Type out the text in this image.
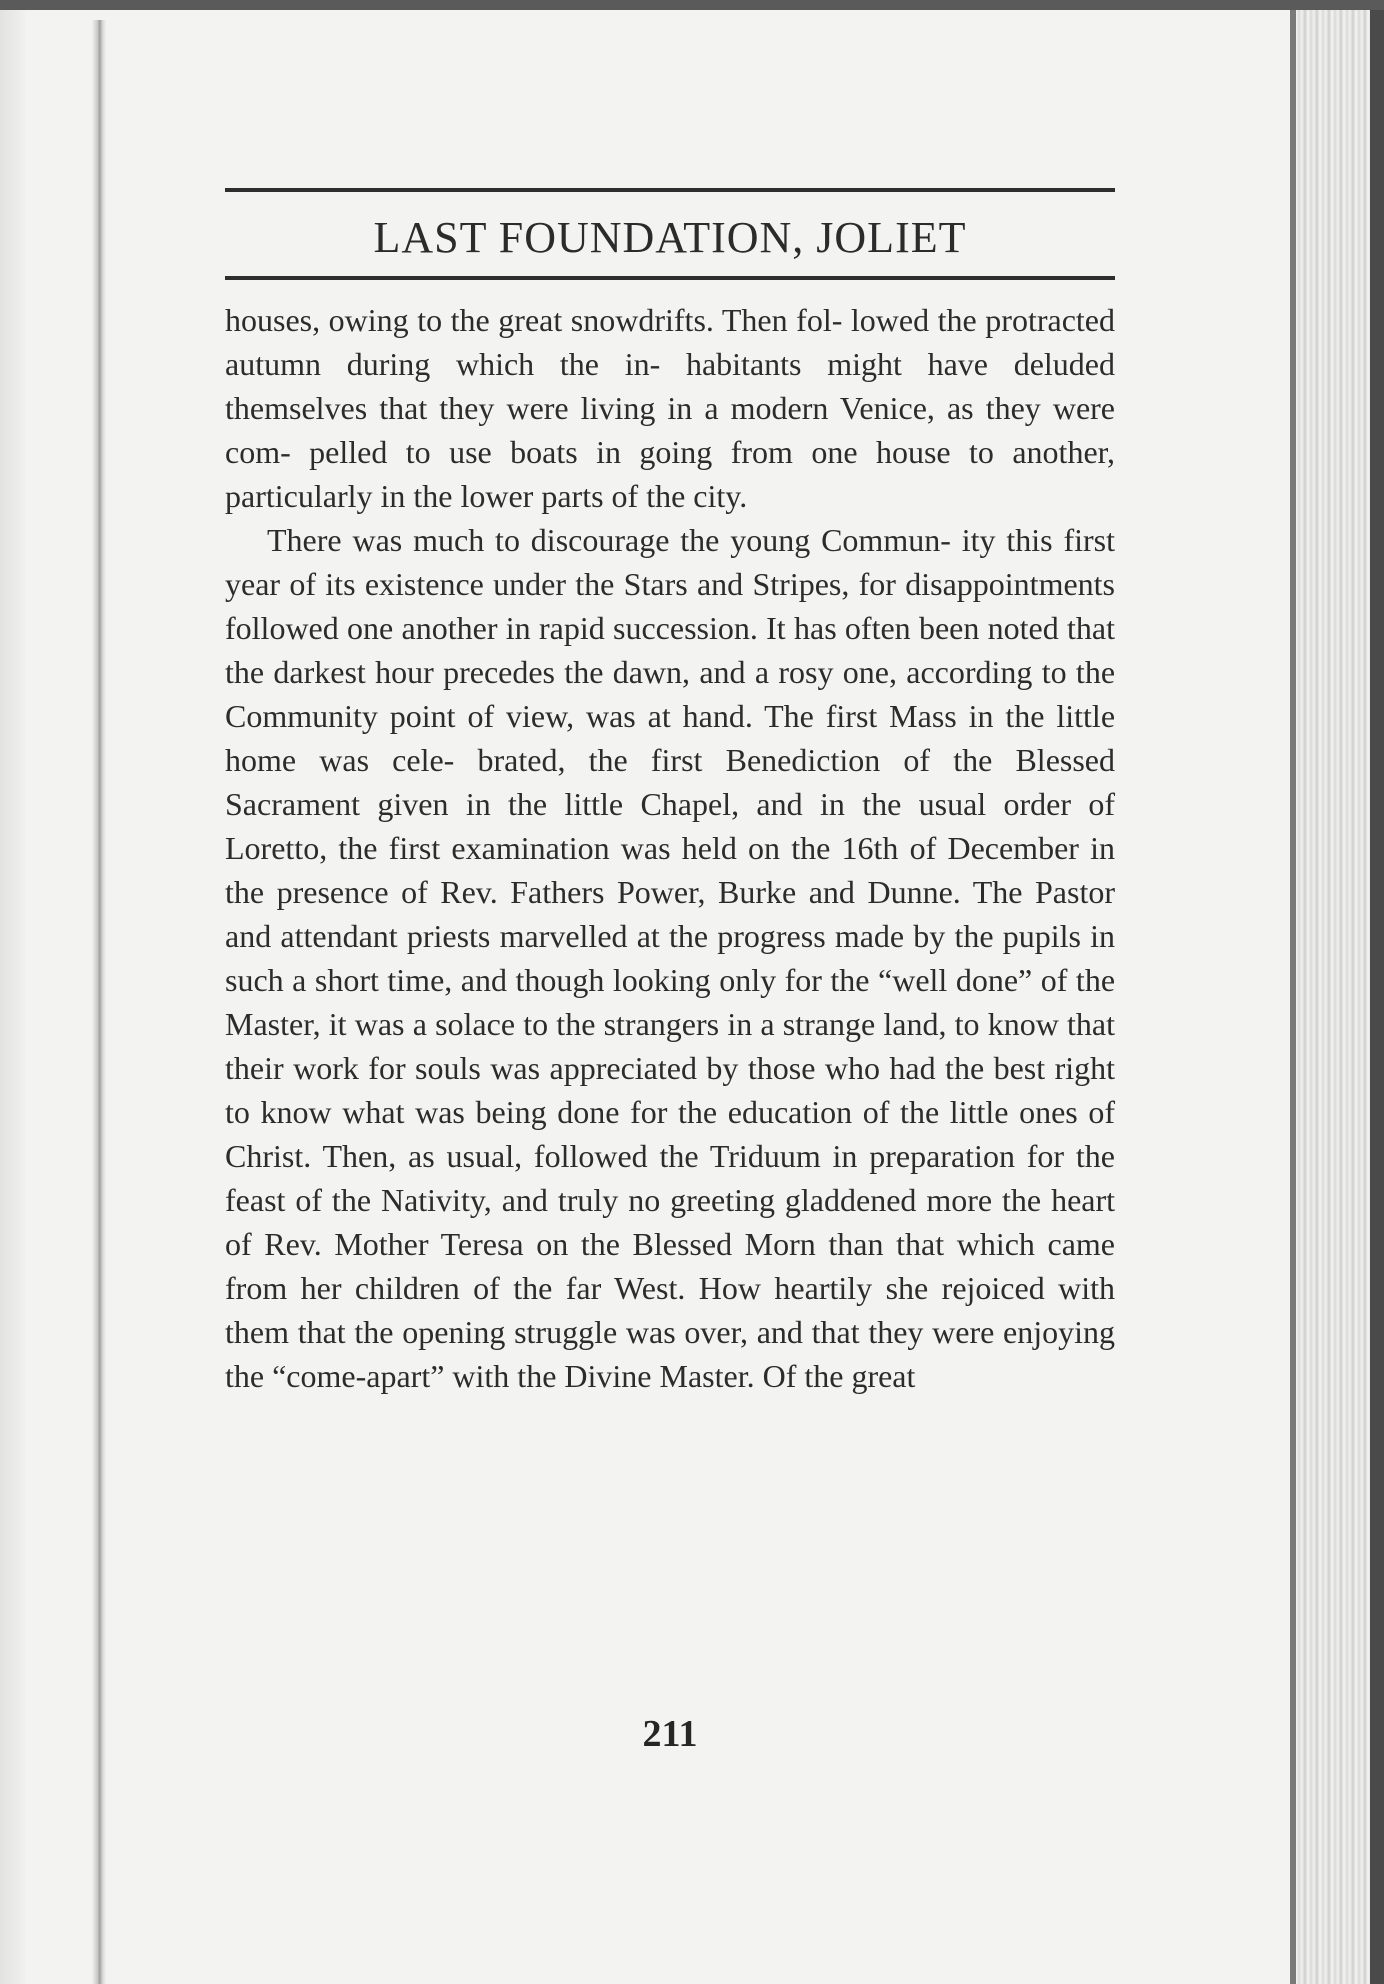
LAST FOUNDATION, JOLIET

houses, owing to the great snowdrifts. Then fol- lowed the protracted autumn during which the in- habitants might have deluded themselves that they were living in a modern Venice, as they were com- pelled to use boats in going from one house to another, particularly in the lower parts of the city.

There was much to discourage the young Commun- ity this first year of its existence under the Stars and Stripes, for disappointments followed one another in rapid succession. It has often been noted that the darkest hour precedes the dawn, and a rosy one, according to the Community point of view, was at hand. The first Mass in the little home was cele- brated, the first Benediction of the Blessed Sacrament given in the little Chapel, and in the usual order of Loretto, the first examination was held on the 16th of December in the presence of Rev. Fathers Power, Burke and Dunne. The Pastor and attendant priests marvelled at the progress made by the pupils in such a short time, and though looking only for the “well done” of the Master, it was a solace to the strangers in a strange land, to know that their work for souls was appreciated by those who had the best right to know what was being done for the education of the little ones of Christ. Then, as usual, followed the Triduum in preparation for the feast of the Nativity, and truly no greeting gladdened more the heart of Rev. Mother Teresa on the Blessed Morn than that which came from her children of the far West. How heartily she rejoiced with them that the opening struggle was over, and that they were enjoying the “come-apart” with the Divine Master. Of the great

211
